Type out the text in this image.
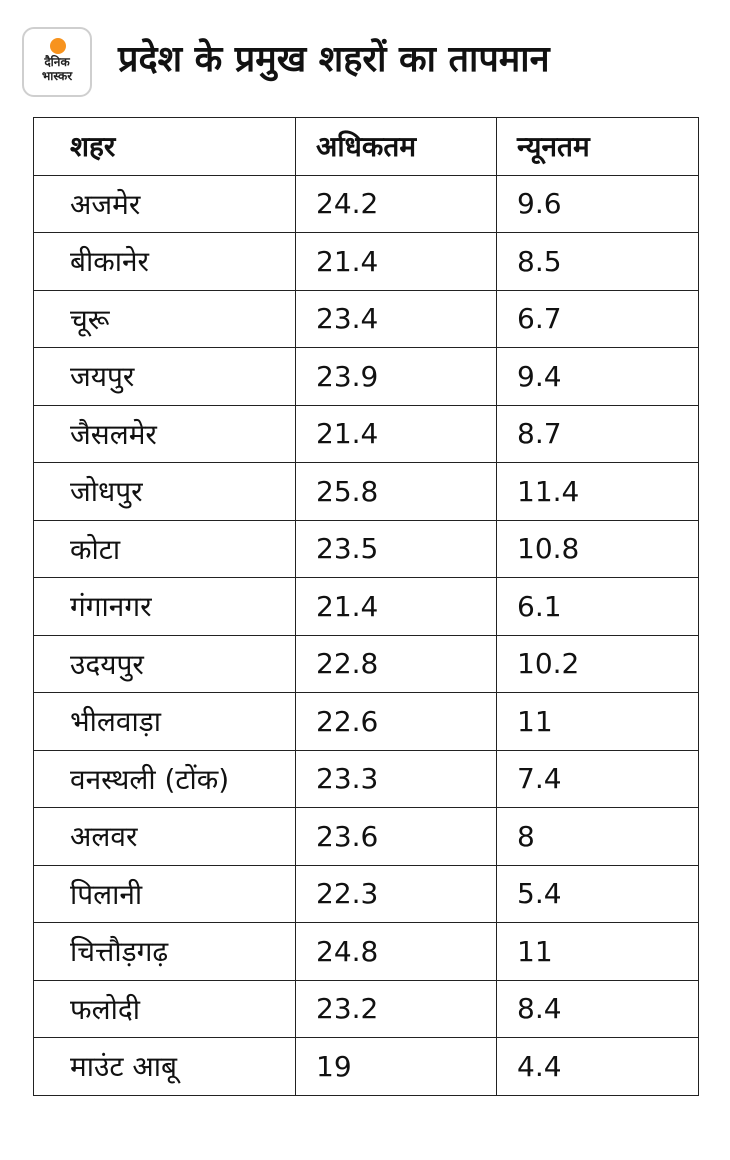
दैनिक
भास्कर	प्रदेश के प्रमुख शहरों का तापमान
शहर	अधिकतम	न्यूनतम
अजमेर	24.2	9.6
बीकानेर	21.4	8.5
चूरू	23.4	6.7
जयपुर	23.9	9.4
जैसलमेर	21.4	8.7
जोधपुर	25.8	11.4
कोटा	23.5	10.8
गंगानगर	21.4	6.1
उदयपुर	22.8	10.2
भीलवाड़ा	22.6	11
वनस्थली (टोंक)	23.3	7.4
अलवर	23.6	8
पिलानी	22.3	5.4
चित्तौड़गढ़	24.8	11
फलोदी	23.2	8.4
माउंट आबू	19	4.4
